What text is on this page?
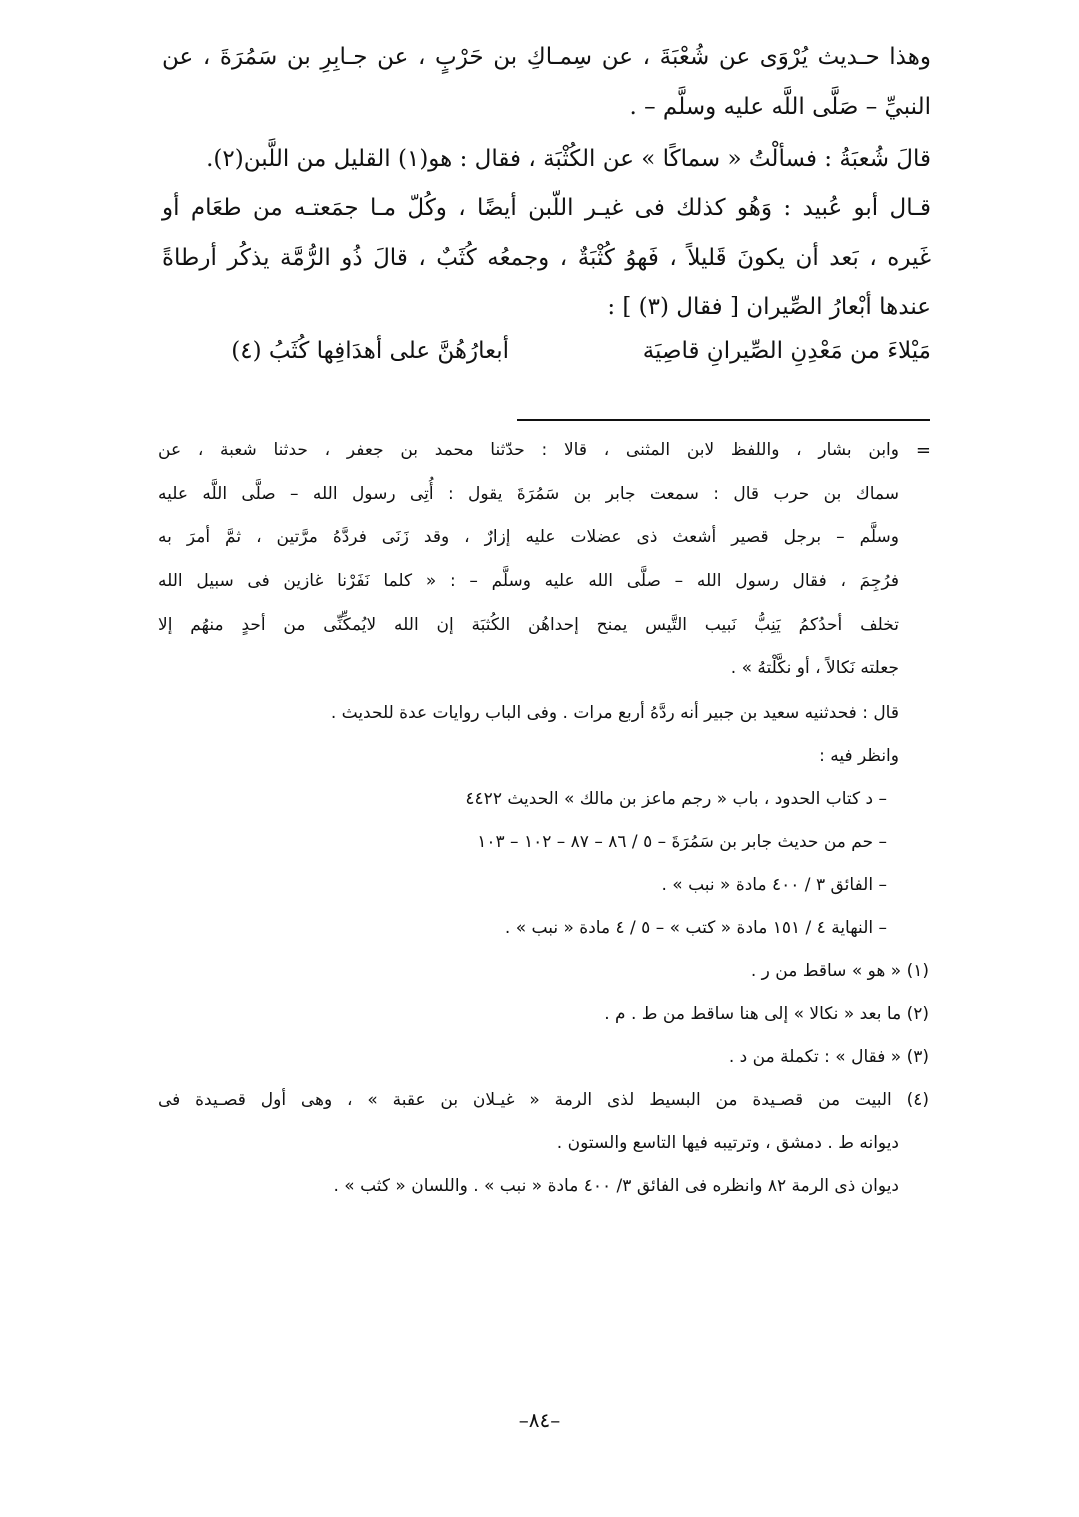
وهذا حـديث يُرْوَى عن شُعْبَةَ ، عن سِمـاكِ بن حَرْبٍ ، عن جـابِرِ بن سَمُرَةَ ، عن
النبيِّ – صَلَّى اللَّه عليه وسلَّم – .
قالَ شُعبَةُ : فسألْتُ « سماكًا » عن الكُثْبَة ، فقال : هو(١) القليل من اللَّبن(٢).
قـال أبو عُبيد : وَهُو كذلك فى غيـر اللّبن أيضًا ، وكُلّ مـا جمَعتـه من طعَام أو
غَيره ، بَعد أن يكونَ قَليلاً ، فَهوُ كُثْبَةٌ ، وجمعُه كُثَبٌ ، قالَ ذُو الرُّمَّة يذكُر أرطاةً
عندها أبْعارُ الصِّيران [ فقال (٣) ] :
مَيْلاءَ من مَعْدِنِ الصِّيرانِ قاصِيَة
أبعارُهُنَّ على أهدَافِها كُثَبُ (٤)
=
وابن بشار ، واللفظ لابن المثنى ، قالا : حدّثنا محمد بن جعفر ، حدثنا شعبة ، عن
سماك بن حرب قال : سمعت جابر بن سَمُرَةَ يقول : أُتِى رسول الله – صلَّى اللَّه عليه
وسلَّم – برجل قصير أشعث ذى عضلات عليه إزارٌ ، وقد زَنَى فردَّهُ مرَّتين ، ثمَّ أمرَ به
فرُجِمَ ، فقال رسول الله – صلَّى الله عليه وسلَّم – : « كلما نَفَرْنا غازين فى سبيل الله
تخلف أحدُكمُ يَنِبُّ نَبيب التَّيس يمنح إحداهُن الكُثبَة إن الله لايُمكِّنِّى من أحدٍ منهُم إلا
جعلته نَكالاً ، أو نكَّلْتهُ » .
قال : فحدثنيه سعيد بن جبير أنه ردَّهُ أربع مرات . وفى الباب روايات عدة للحديث .
وانظر فيه :
– د كتاب الحدود ، باب « رجم ماعز بن مالك » الحديث ٤٤٢٢
– حم من حديث جابر بن سَمُرَةَ – ٥ / ٨٦ – ٨٧ – ١٠٢ – ١٠٣
– الفائق ٣ / ٤٠٠ مادة « نبب » .
– النهاية ٤ / ١٥١ مادة « كتب » – ٥ / ٤ مادة « نبب » .
(١) « هو » ساقط من ر .
(٢) ما بعد « نكالا » إلى هنا ساقط من ط . م .
(٣) « فقال » : تكملة من د .
(٤) البيت من قصـيدة من البسيط لذى الرمة « غيـلان بن عقبة » ، وهى أول قصـيدة فى
ديوانه ط . دمشق ، وترتيبه فيها التاسع والستون .
ديوان ذى الرمة ٨٢ وانظره فى الفائق ٣/ ٤٠٠ مادة « نبب » . واللسان « كثب » .
–٨٤–
